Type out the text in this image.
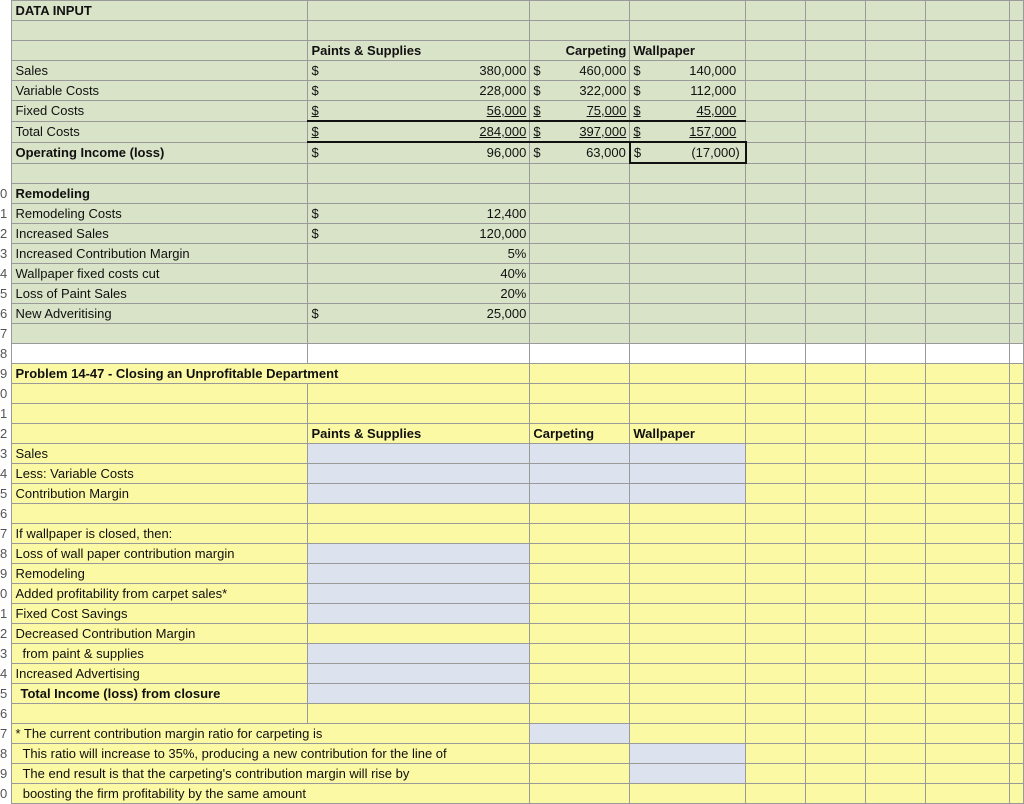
	DATA INPUT								

		Paints & Supplies	Carpeting	Wallpaper					
	Sales	$ 380,000	$ 460,000	$ 140,000					

	Variable Costs	$ 228,000	$ 322,000	$ 112,000					

	Fixed Costs	$ 56,000	$ 75,000	$ 45,000					

	Total Costs	$ 284,000	$ 397,000	$ 157,000					

	Operating Income (loss)	$ 96,000	$ 63,000	$ (17,000)					

0	Remodeling								
1	Remodeling Costs	$ 12,400							

2	Increased Sales	$ 120,000							

3	Increased Contribution Margin	5%							

4	Wallpaper fixed costs cut	40%							

5	Loss of Paint Sales	20%							

6	New Adveritising	$ 25,000							

7									
8									
9	Problem 14-47 - Closing an Unprofitable Department								
0									
1									
2		Paints & Supplies	Carpeting	Wallpaper					
3	Sales								
4	Less: Variable Costs								
5	Contribution Margin								
6									
7	If wallpaper is closed, then:								
8	Loss of wall paper contribution margin								
9	Remodeling								
0	Added profitability from carpet sales*								
1	Fixed Cost Savings								
2	Decreased Contribution Margin								
3	from paint & supplies								
4	Increased Advertising								
5	Total Income (loss) from closure								
6									
7	* The current contribution margin ratio for carpeting is								
8	This ratio will increase to 35%, producing a new contribution for the line of								
9	The end result is that the carpeting's contribution margin will rise by								
0	boosting the firm profitability by the same amount								
